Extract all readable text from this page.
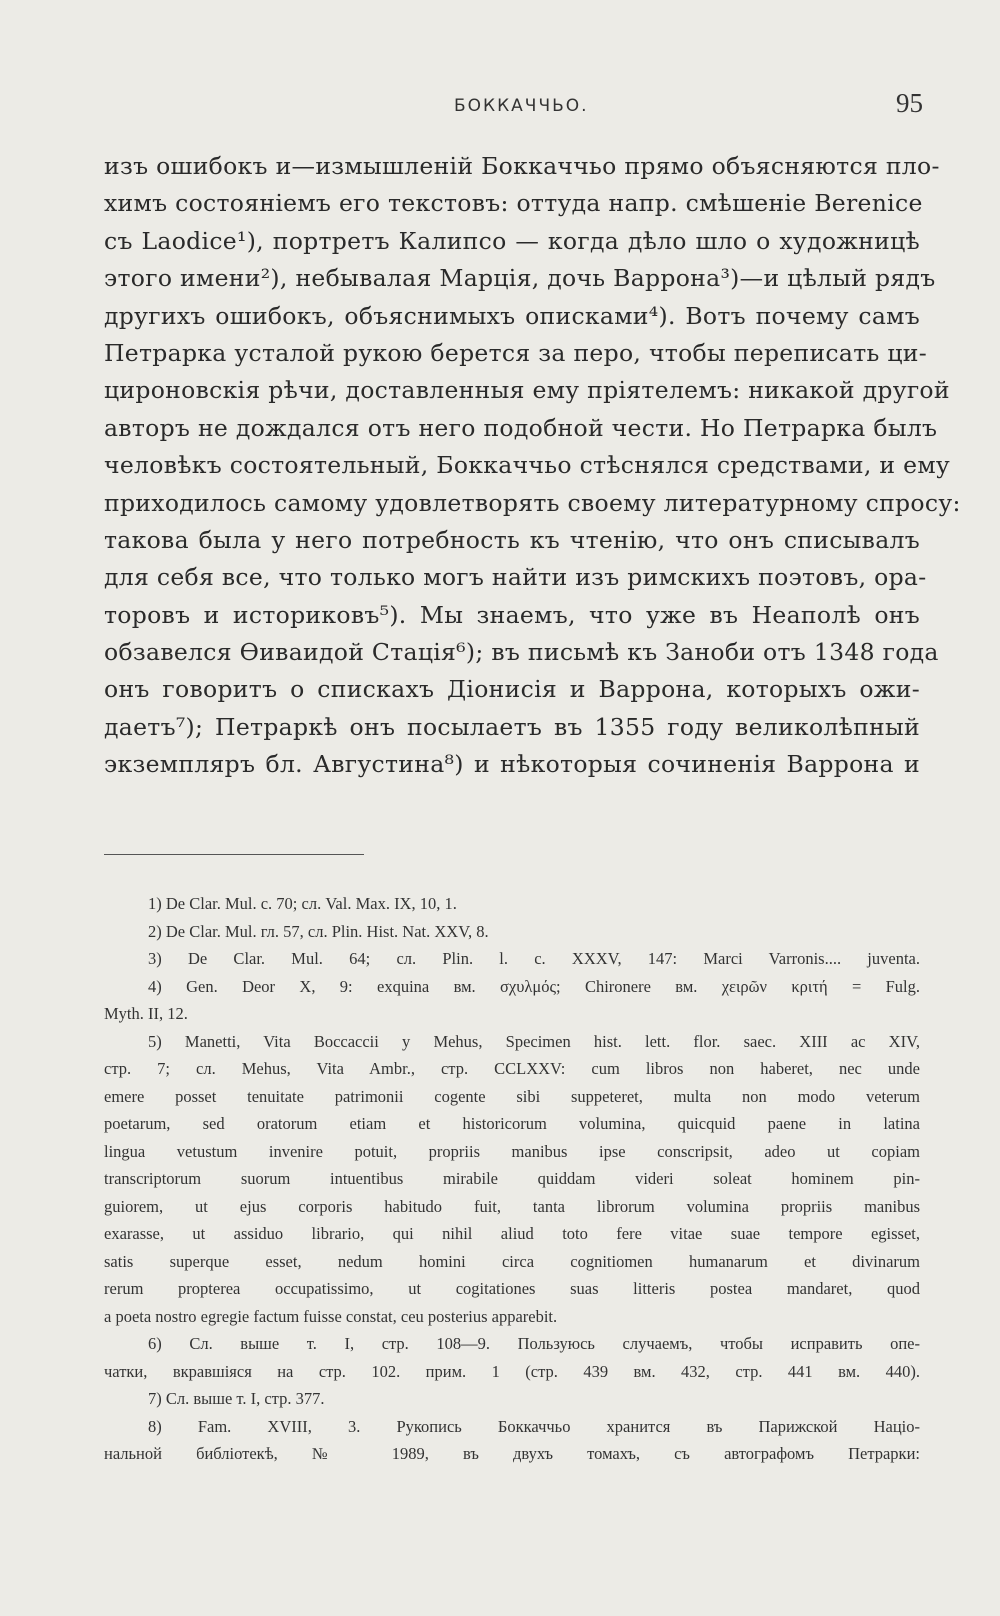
БОККАЧЧЬО.	95
изъ ошибокъ и—измышленій Боккаччьо прямо объясняются пло-
химъ состояніемъ его текстовъ: оттуда напр. смѣшеніе Berenice
съ Laodice¹), портретъ Калипсо — когда дѣло шло о художницѣ
этого имени²), небывалая Марція, дочь Варрона³)—и цѣлый рядъ
другихъ ошибокъ, объяснимыхъ описками⁴). Вотъ почему самъ
Петрарка усталой рукою берется за перо, чтобы переписать ци-
цироновскія рѣчи, доставленныя ему пріятелемъ: никакой другой
авторъ не дождался отъ него подобной чести. Но Петрарка былъ
человѣкъ состоятельный, Боккаччьо стѣснялся средствами, и ему
приходилось самому удовлетворять своему литературному спросу:
такова была у него потребность къ чтенію, что онъ списывалъ
для себя все, что только могъ найти изъ римскихъ поэтовъ, ора-
торовъ и историковъ⁵). Мы знаемъ, что уже въ Неаполѣ онъ
обзавелся Ѳиваидой Стація⁶); въ письмѣ къ Заноби отъ 1348 года
онъ говоритъ о спискахъ Діонисія и Варрона, которыхъ ожи-
даетъ⁷); Петраркѣ онъ посылаетъ въ 1355 году великолѣпный
экземпляръ бл. Августина⁸) и нѣкоторыя сочиненія Варрона и
1) De Clar. Mul. c. 70; сл. Val. Max. IX, 10, 1.
2) De Clar. Mul. гл. 57, сл. Plin. Hist. Nat. XXV, 8.
3) De Clar. Mul. 64; сл. Plin. l. c. XXXV, 147: Marci Varronis.... juventa.
4) Gen. Deor X, 9: exquina вм. σχυλμός; Chironere вм. χειρῶν κριτή = Fulg.
Myth. II, 12.
5) Manetti, Vita Boccaccii у Mehus, Specimen hist. lett. flor. saec. XIII ac XIV,
стр. 7; сл. Mehus, Vita Ambr., стр. CCLXXV: cum libros non haberet, nec unde
emere posset tenuitate patrimonii cogente sibi suppeteret, multa non modo veterum
poetarum, sed oratorum etiam et historicorum volumina, quicquid paene in latina
lingua vetustum invenire potuit, propriis manibus ipse conscripsit, adeo ut copiam
transcriptorum suorum intuentibus mirabile quiddam videri soleat hominem pin-
guiorem, ut ejus corporis habitudo fuit, tanta librorum volumina propriis manibus
exarasse, ut assiduo librario, qui nihil aliud toto fere vitae suae tempore egisset,
satis superque esset, nedum homini circa cognitiomen humanarum et divinarum
rerum propterea occupatissimo, ut cogitationes suas litteris postea mandaret, quod
a poeta nostro egregie factum fuisse constat, ceu posterius apparebit.
6) Сл. выше т. I, стр. 108—9. Пользуюсь случаемъ, чтобы исправить опе-
чатки, вкравшіяся на стр. 102. прим. 1 (стр. 439 вм. 432, стр. 441 вм. 440).
7) Сл. выше т. I, стр. 377.
8) Fam. XVIII, 3. Рукопись Боккаччьо хранится въ Парижской Націо-
нальной библіотекѣ, № 1989, въ двухъ томахъ, съ автографомъ Петрарки:
